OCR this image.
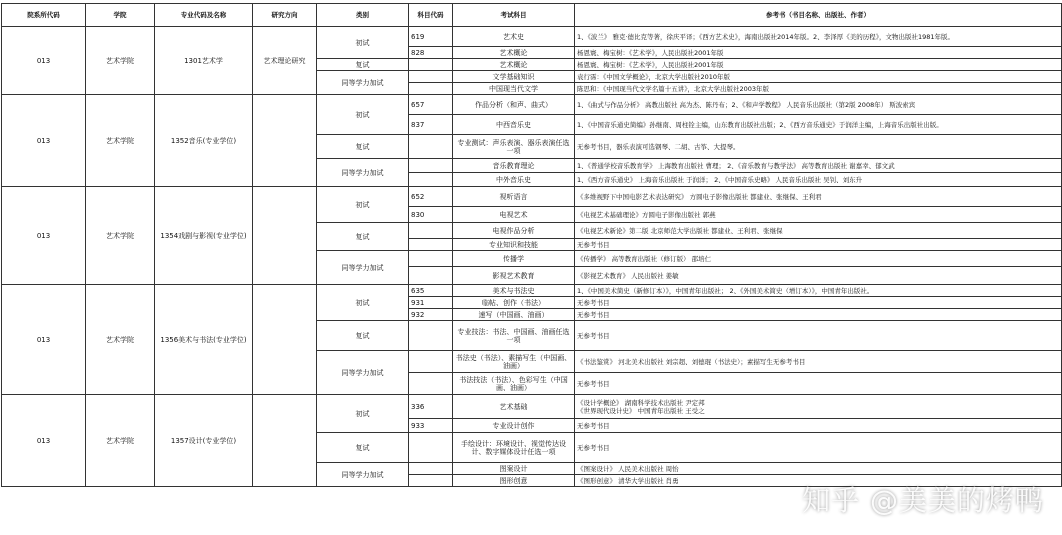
院系所代码	学院	专业代码及名称	研究方向	类别	科目代码	考试科目	参考书（书目名称、出版社、作者）
013	艺术学院	1301艺术学	艺术理论研究	初试	619	艺术史	1、《波兰》 雅克·德比克等著，徐庆平译；《西方艺术史》，海南出版社2014年版。2、李泽厚《美的历程》，文物出版社1981年版。
					828	艺术概论	杨恩寰、梅宝树：《艺术学》，人民出版社2001年版
				复试		艺术概论	杨恩寰、梅宝树：《艺术学》，人民出版社2001年版
				同等学力加试		文学基础知识	袁行霈：《中国文学概论》，北京大学出版社2010年版
						中国现当代文学	陈思和：《中国现当代文学名篇十五讲》，北京大学出版社2003年版
013	艺术学院	1352音乐(专业学位)		初试	657	作品分析（和声、曲式）	1、《曲式与作品分析》 高教出版社 高为杰、陈丹布；2、《和声学教程》 人民音乐出版社（第2版 2008年） 斯波索宾
					837	中西音乐史	1、《中国音乐通史简编》孙继南、周柱铨主编，山东教育出版社出版；2、《西方音乐通史》于润洋主编，上海音乐出版社出版。
				复试		专业测试：声乐表演、器乐表演任选一项	无参考书目，器乐表演可选钢琴、二胡、古筝、大提琴。
				同等学力加试		音乐教育理论	1、《普通学校音乐教育学》 上海教育出版社 曹理； 2、《音乐教育与教学法》 高等教育出版社 谢嘉幸、郁文武
						中外音乐史	1、《西方音乐通史》 上海音乐出版社 于润洋； 2、《中国音乐史略》 人民音乐出版社 吴钊、刘东升
013	艺术学院	1354戏剧与影视(专业学位)		初试	652	视听语言	《多维视野下中国电影艺术表达研究》 方圆电子影像出版社 都建业、张继保、王利君
					830	电视艺术	《电视艺术基础理论》方圆电子影像出版社 郭燕
				复试		电视作品分析	《电视艺术新论》第二版 北京师范大学出版社 都建业、王利君、张继保
						专业知识和技能	无参考书目
				同等学力加试		传播学	《传播学》 高等教育出版社（修订版） 邵培仁
						影视艺术教育	《影视艺术教育》 人民出版社 姜敏
013	艺术学院	1356美术与书法(专业学位)		初试	635	美术与书法史	1、《中国美术简史（新修订本）》，中国青年出版社； 2、《外国美术简史（增订本）》，中国青年出版社。
					931	临帖、创作（书法）	无参考书目
					932	速写（中国画、油画）	无参考书目
				复试		专业技法：书法、中国画、油画任选一项	无参考书目
				同等学力加试		书法史（书法）、素描写生（中国画、油画）	《书法鉴赏》 河北美术出版社 刘宗超、刘德琨（书法史）；素描写生无参考书目
						书法技法（书法）、色彩写生（中国画、油画）	无参考书目
013	艺术学院	1357设计(专业学位)		初试	336	艺术基础	《设计学概论》 湖南科学技术出版社 尹定邦
《世界现代设计史》 中国青年出版社 王受之
					933	专业设计创作	无参考书目
				复试		手绘设计：环境设计、视觉传达设计、数字媒体设计任选一项	无参考书目
				同等学力加试		图案设计	《图案设计》 人民美术出版社 周怡
						图形创意	《图形创意》 清华大学出版社 肖勇
知乎 @美美的烤鸭
